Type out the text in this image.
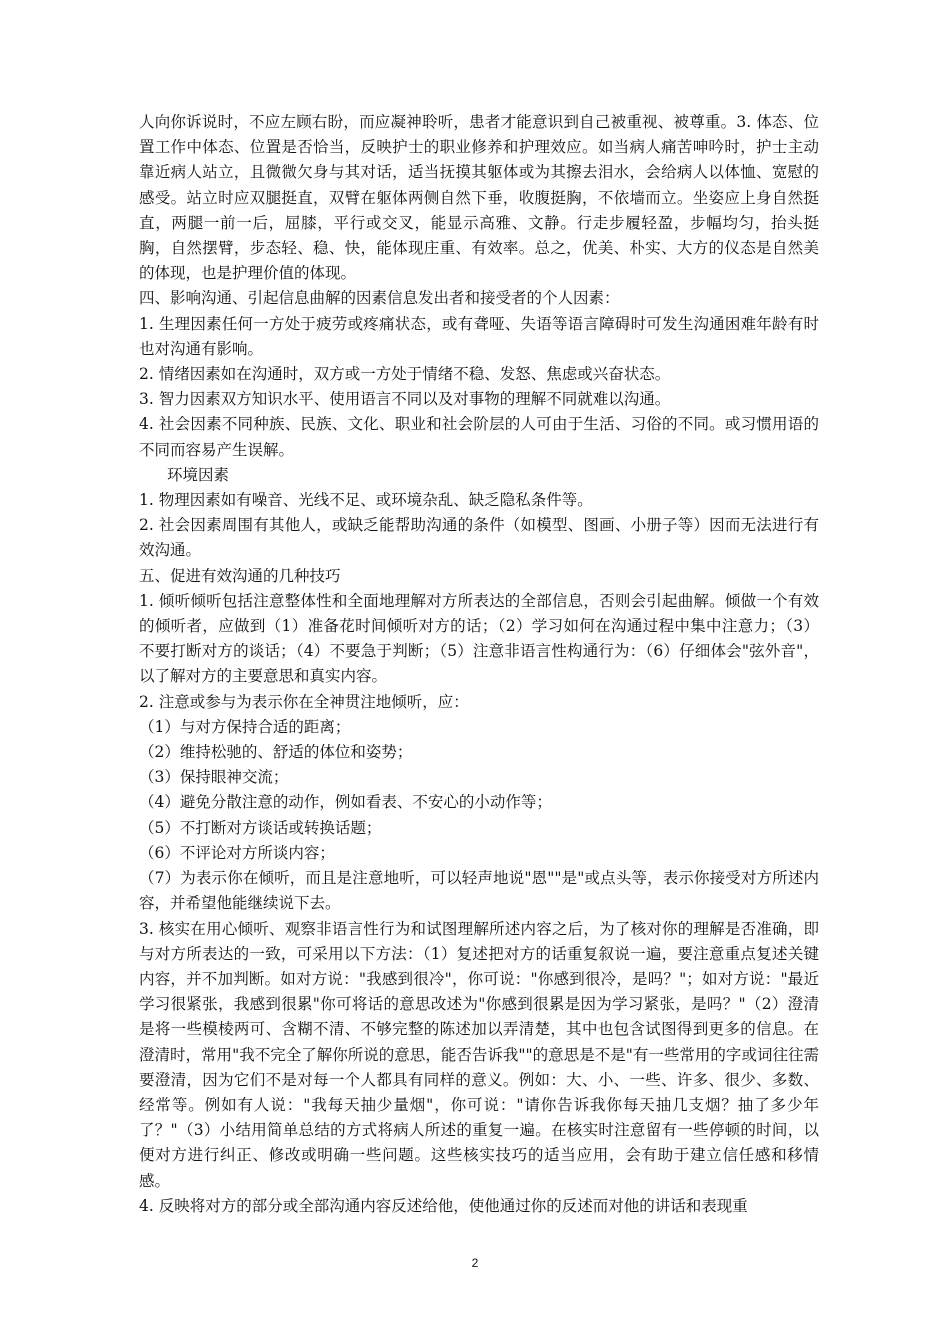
人向你诉说时，不应左顾右盼，而应凝神聆听，患者才能意识到自己被重视、被尊重。3. 体态、位置工作中体态、位置是否恰当，反映护士的职业修养和护理效应。如当病人痛苦呻吟时，护士主动靠近病人站立，且微微欠身与其对话，适当抚摸其躯体或为其擦去泪水，会给病人以体恤、宽慰的感受。站立时应双腿挺直，双臂在躯体两侧自然下垂，收腹挺胸，不依墙而立。坐姿应上身自然挺直，两腿一前一后，屈膝，平行或交叉，能显示高雅、文静。行走步履轻盈，步幅均匀，抬头挺胸，自然摆臂，步态轻、稳、快，能体现庄重、有效率。总之，优美、朴实、大方的仪态是自然美的体现，也是护理价值的体现。

四、影响沟通、引起信息曲解的因素信息发出者和接受者的个人因素：

1. 生理因素任何一方处于疲劳或疼痛状态，或有聋哑、失语等语言障碍时可发生沟通困难年龄有时也对沟通有影响。

2. 情绪因素如在沟通时，双方或一方处于情绪不稳、发怒、焦虑或兴奋状态。

3. 智力因素双方知识水平、使用语言不同以及对事物的理解不同就难以沟通。

4. 社会因素不同种族、民族、文化、职业和社会阶层的人可由于生活、习俗的不同。或习惯用语的不同而容易产生误解。

环境因素

1. 物理因素如有噪音、光线不足、或环境杂乱、缺乏隐私条件等。

2. 社会因素周围有其他人，或缺乏能帮助沟通的条件（如模型、图画、小册子等）因而无法进行有效沟通。

五、促进有效沟通的几种技巧

1. 倾听倾听包括注意整体性和全面地理解对方所表达的全部信息，否则会引起曲解。倾做一个有效的倾听者，应做到（1）准备花时间倾听对方的话；（2）学习如何在沟通过程中集中注意力；（3）不要打断对方的谈话；（4）不要急于判断；（5）注意非语言性构通行为：（6）仔细体会"弦外音"，以了解对方的主要意思和真实内容。

2. 注意或参与为表示你在全神贯注地倾听，应：

（1）与对方保持合适的距离；

（2）维持松驰的、舒适的体位和姿势；

（3）保持眼神交流；

（4）避免分散注意的动作，例如看表、不安心的小动作等；

（5）不打断对方谈话或转换话题；

（6）不评论对方所谈内容；

（7）为表示你在倾听，而且是注意地听，可以轻声地说"恩""是"或点头等，表示你接受对方所述内容，并希望他能继续说下去。

3. 核实在用心倾听、观察非语言性行为和试图理解所述内容之后，为了核对你的理解是否准确，即与对方所表达的一致，可采用以下方法：（1）复述把对方的话重复叙说一遍，要注意重点复述关键内容，并不加判断。如对方说："我感到很冷"，你可说："你感到很冷，是吗？"；如对方说："最近学习很紧张，我感到很累"你可将话的意思改述为"你感到很累是因为学习紧张，是吗？"（2）澄清是将一些模棱两可、含糊不清、不够完整的陈述加以弄清楚，其中也包含试图得到更多的信息。在澄清时，常用"我不完全了解你所说的意思，能否告诉我""的意思是不是"有一些常用的字或词往往需要澄清，因为它们不是对每一个人都具有同样的意义。例如：大、小、一些、许多、很少、多数、经常等。例如有人说："我每天抽少量烟"，你可说："请你告诉我你每天抽几支烟？抽了多少年了？"（3）小结用简单总结的方式将病人所述的重复一遍。在核实时注意留有一些停顿的时间，以便对方进行纠正、修改或明确一些问题。这些核实技巧的适当应用，会有助于建立信任感和移情感。

4. 反映将对方的部分或全部沟通内容反述给他，使他通过你的反述而对他的讲话和表现重

2
